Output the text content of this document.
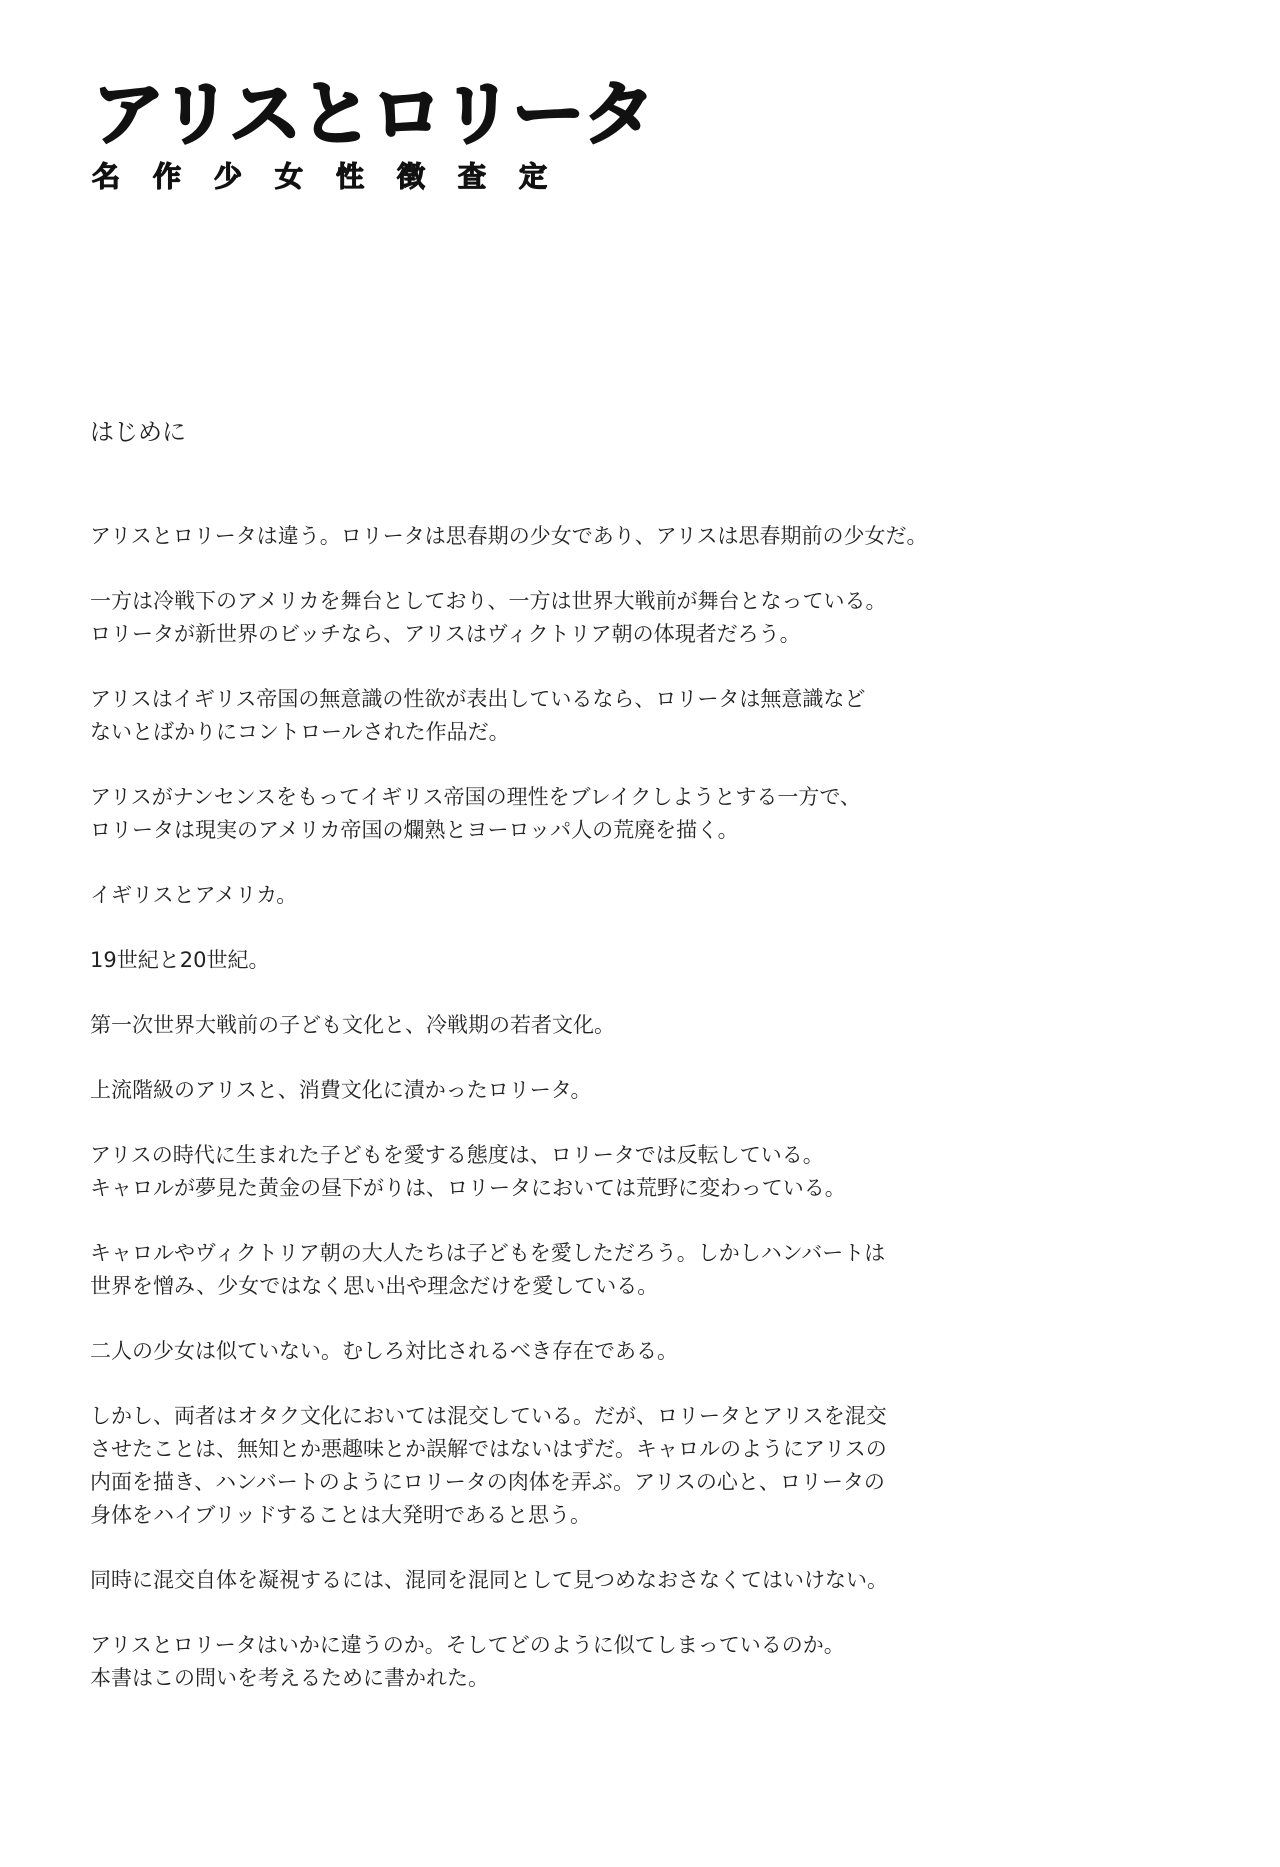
アリスとロリータ
名作少女性徴査定
はじめに

アリスとロリータは違う。ロリータは思春期の少女であり、アリスは思春期前の少女だ。

一方は冷戦下のアメリカを舞台としており、一方は世界大戦前が舞台となっている。
ロリータが新世界のビッチなら、アリスはヴィクトリア朝の体現者だろう。

アリスはイギリス帝国の無意識の性欲が表出しているなら、ロリータは無意識など
ないとばかりにコントロールされた作品だ。

アリスがナンセンスをもってイギリス帝国の理性をブレイクしようとする一方で、
ロリータは現実のアメリカ帝国の爛熟とヨーロッパ人の荒廃を描く。

イギリスとアメリカ。

19世紀と20世紀。

第一次世界大戦前の子ども文化と、冷戦期の若者文化。

上流階級のアリスと、消費文化に漬かったロリータ。

アリスの時代に生まれた子どもを愛する態度は、ロリータでは反転している。
キャロルが夢見た黄金の昼下がりは、ロリータにおいては荒野に変わっている。

キャロルやヴィクトリア朝の大人たちは子どもを愛しただろう。しかしハンバートは
世界を憎み、少女ではなく思い出や理念だけを愛している。

二人の少女は似ていない。むしろ対比されるべき存在である。

しかし、両者はオタク文化においては混交している。だが、ロリータとアリスを混交
させたことは、無知とか悪趣味とか誤解ではないはずだ。キャロルのようにアリスの
内面を描き、ハンバートのようにロリータの肉体を弄ぶ。アリスの心と、ロリータの
身体をハイブリッドすることは大発明であると思う。

同時に混交自体を凝視するには、混同を混同として見つめなおさなくてはいけない。

アリスとロリータはいかに違うのか。そしてどのように似てしまっているのか。
本書はこの問いを考えるために書かれた。
